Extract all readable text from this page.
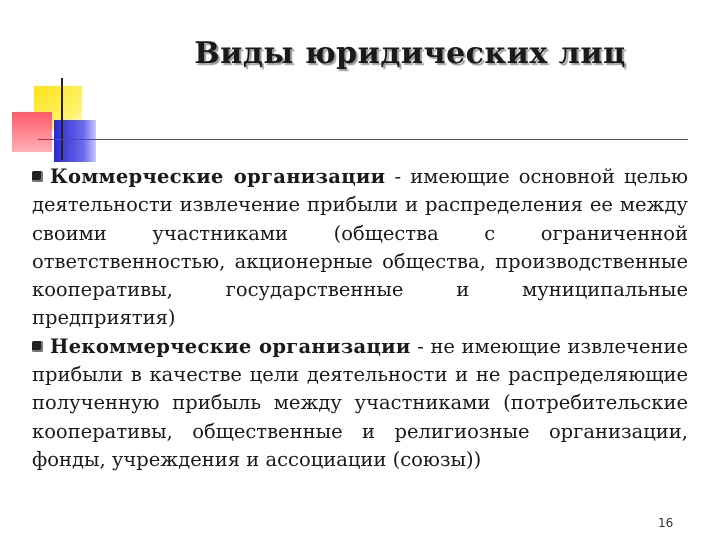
Виды юридических лиц

Коммерческие организации - имеющие основной целью деятельности извлечение прибыли и распределения ее между своими участниками (общества с ограниченной ответственностью, акционерные общества, производственные кооперативы, государственные и муниципальные предприятия)

Некоммерческие организации - не имеющие извлечение прибыли в качестве цели деятельности и не распределяющие полученную прибыль между участниками (потребительские кооперативы, общественные и религиозные организации, фонды, учреждения и ассоциации (союзы))

16
